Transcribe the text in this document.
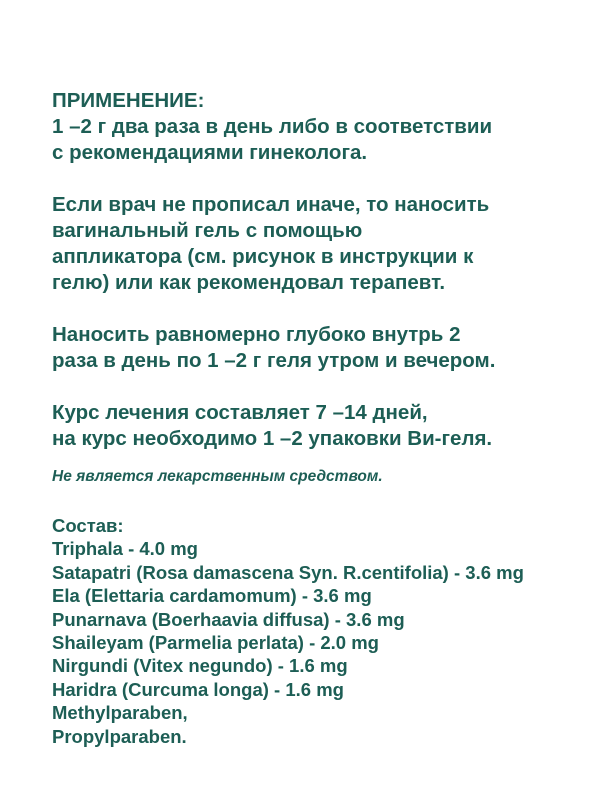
ПРИМЕНЕНИЕ:
1 –2 г два раза в день либо в соответствии
с рекомендациями гинеколога.
Если врач не прописал иначе, то наносить
вагинальный гель с помощью
аппликатора (см. рисунок в инструкции к
гелю) или как рекомендовал терапевт.
Наносить равномерно глубоко внутрь 2
раза в день по 1 –2 г геля утром и вечером.
Курс лечения составляет 7 –14 дней,
на курс необходимо 1 –2 упаковки Ви-геля.

Не является лекарственным средством.

Состав:

Triphala - 4.0 mg
Satapatri (Rosa damascena Syn. R.centifolia) - 3.6 mg
Ela (Elettaria cardamomum) - 3.6 mg
Punarnava (Boerhaavia diffusa) - 3.6 mg
Shaileyam (Parmelia perlata) - 2.0 mg
Nirgundi (Vitex negundo) - 1.6 mg
Haridra (Curcuma longa) - 1.6 mg
Methylparaben,
Propylparaben.
